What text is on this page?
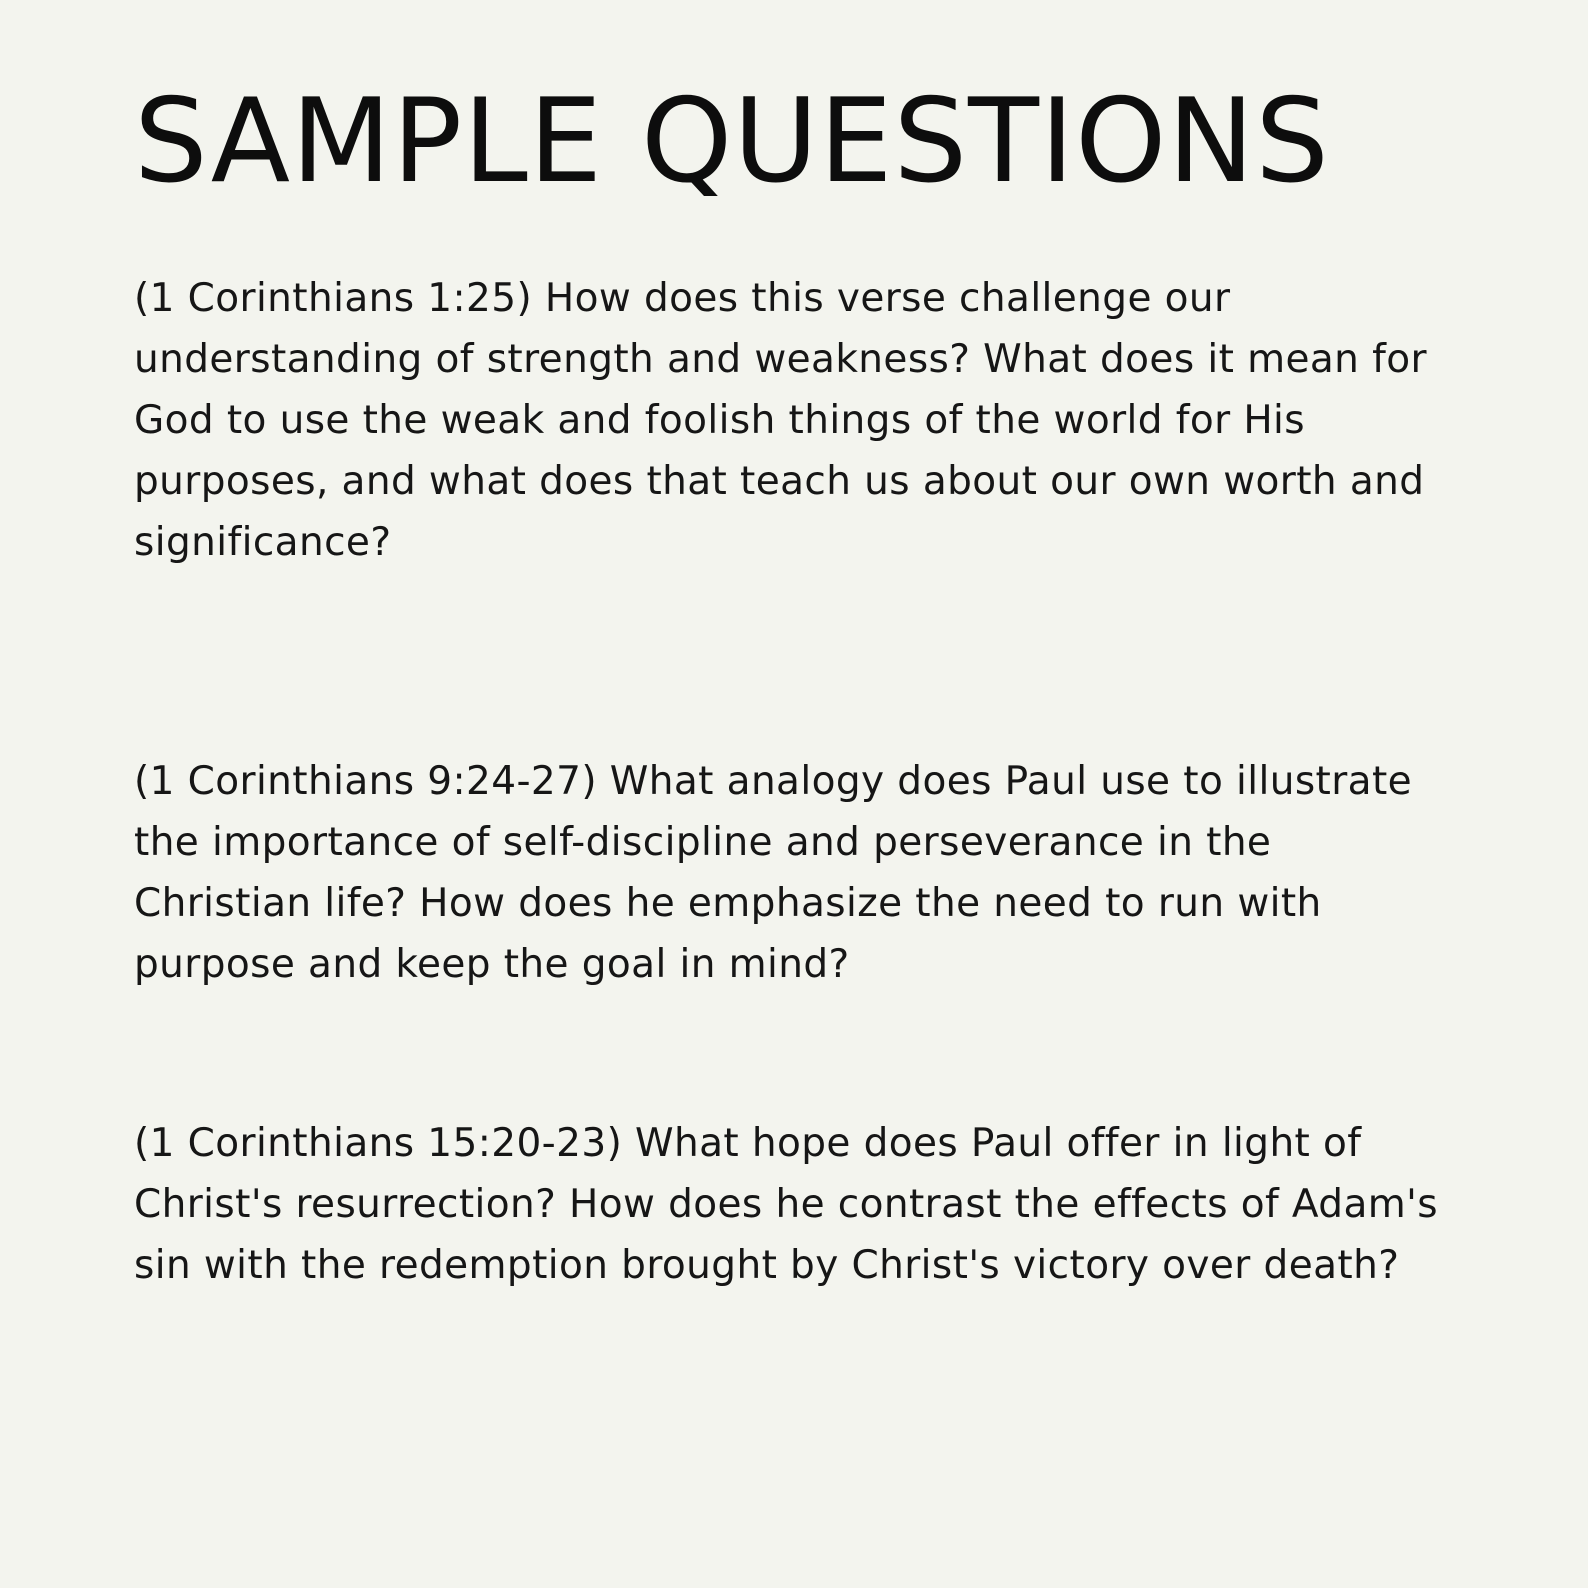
SAMPLE QUESTIONS

(1 Corinthians 1:25) How does this verse challenge our understanding of strength and weakness? What does it mean for God to use the weak and foolish things of the world for His purposes, and what does that teach us about our own worth and significance?

(1 Corinthians 9:24-27) What analogy does Paul use to illustrate the importance of self-discipline and perseverance in the Christian life? How does he emphasize the need to run with purpose and keep the goal in mind?

(1 Corinthians 15:20-23) What hope does Paul offer in light of Christ's resurrection? How does he contrast the effects of Adam's sin with the redemption brought by Christ's victory over death?
